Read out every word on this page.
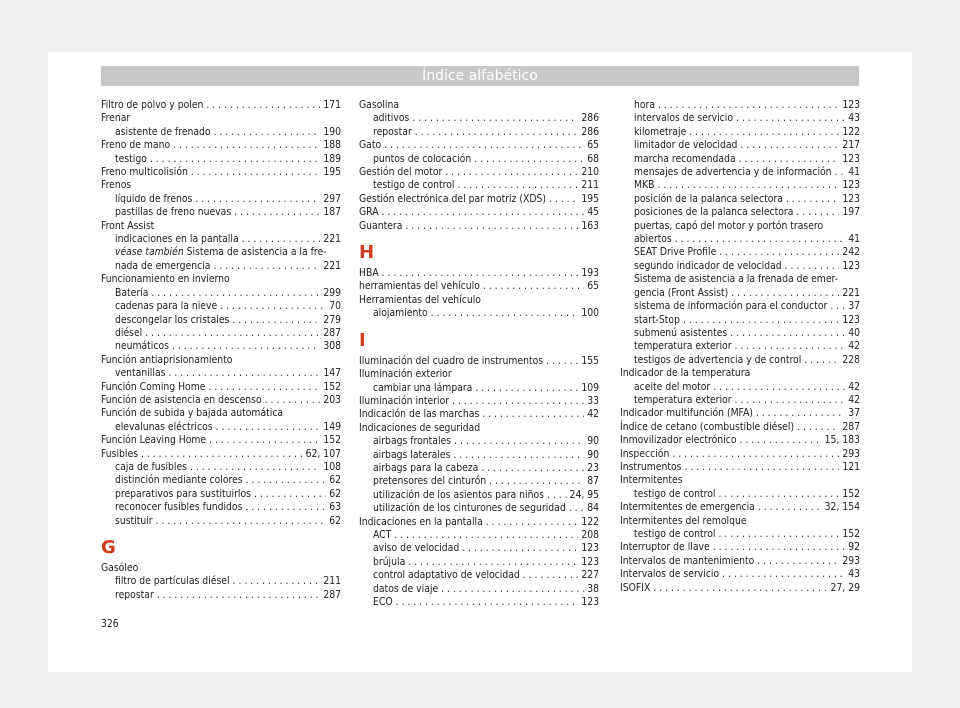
Índice alfabético
Filtro de polvo y polen . . .	171
Frenar
asistente de frenado . . .	190
Freno de mano . . .	188
testigo . . .	189
Freno multicolisión . . .	195
Frenos
líquido de frenos . . .	297
pastillas de freno nuevas . . .	187
Front Assist
indicaciones en la pantalla . . .	221
véase también Sistema de asistencia a la fre-
nada de emergencia . . .	221
Funcionamiento en invierno
Batería . . .	299
cadenas para la nieve . . .	70
descongelar los cristales . . .	279
diésel . . .	287
neumáticos . . .	308
Función antiaprisionamiento
ventanillas . . .	147
Función Coming Home . . .	152
Función de asistencia en descenso . . .	203
Función de subida y bajada automática
elevalunas eléctricos . . .	149
Función Leaving Home . . .	152
Fusibles . . .	62, 107
caja de fusibles . . .	108
distinción mediante colores . . .	62
preparativos para sustituirlos . . .	62
reconocer fusibles fundidos . . .	63
sustituir . . .	62
G
Gasóleo
filtro de partículas diésel . . .	211
repostar . . .	287
Gasolina
aditivos . . .	286
repostar . . .	286
Gato . . .	65
puntos de colocación . . .	68
Gestión del motor . . .	210
testigo de control . . .	211
Gestión electrónica del par motriz (XDS) . . .	195
GRA . . .	45
Guantera . . .	163
H
HBA . . .	193
herramientas del vehículo . . .	65
Herramientas del vehículo
alojamiento . . .	100
I
Iluminación del cuadro de instrumentos . . .	155
Iluminación exterior
cambiar una lámpara . . .	109
Iluminación interior . . .	33
Indicación de las marchas . . .	42
Indicaciones de seguridad
airbags frontales . . .	90
airbags laterales . . .	90
airbags para la cabeza . . .	23
pretensores del cinturón . . .	87
utilización de los asientos para niños . . . 24, 95
utilización de los cinturones de seguridad . . . 84
Indicaciones en la pantalla . . .	122
ACT . . .	208
aviso de velocidad . . .	123
brújula . . .	123
control adaptativo de velocidad . . .	227
datos de viaje . . .	38
ECO . . .	123
hora . . .	123
intervalos de servicio . . .	43
kilometraje . . .	122
limitador de velocidad . . .	217
marcha recomendada . . .	123
mensajes de advertencia y de información . . . 41
MKB . . .	123
posición de la palanca selectora . . .	123
posiciones de la palanca selectora . . .	197
puertas, capó del motor y portón trasero
abiertos . . .	41
SEAT Drive Profile . . .	242
segundo indicador de velocidad . . .	123
Sistema de asistencia a la frenada de emer-
gencia (Front Assist) . . .	221
sistema de información para el conductor . . . 37
start-Stop . . .	123
submenú asistentes . . .	40
temperatura exterior . . .	42
testigos de advertencia y de control . . .	228
Indicador de la temperatura
aceite del motor . . .	42
temperatura exterior . . .	42
Indicador multifunción (MFA) . . .	37
Índice de cetano (combustible diésel) . . .	287
Inmovilizador electrónico . . .	15, 183
Inspección . . .	293
Instrumentos . . .	121
Intermitentes
testigo de control . . .	152
Intermitentes de emergencia . . .	32, 154
Intermitentes del remolque
testigo de control . . .	152
Interruptor de llave . . .	92
Intervalos de mantenimiento . . .	293
Intervalos de servicio . . .	43
ISOFIX . . .	27, 29
326
